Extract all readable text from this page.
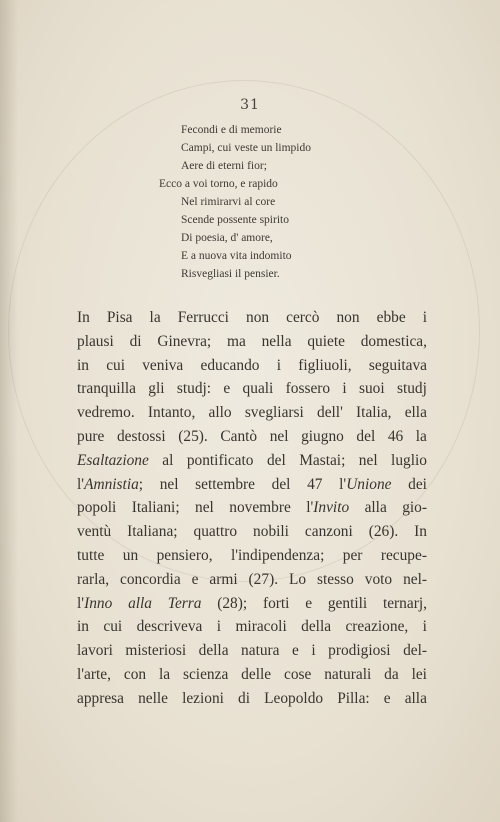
31
Fecondi e di memorie
Campi, cui veste un limpido
Aere di eterni fior;
Ecco a voi torno, e rapido
Nel rimirarvi al core
Scende possente spirito
Di poesia, d' amore,
E a nuova vita indomito
Risvegliasi il pensier.
In Pisa la Ferrucci non cercò non ebbe i
plausi di Ginevra; ma nella quiete domestica,
in cui veniva educando i figliuoli, seguitava
tranquilla gli studj: e quali fossero i suoi studj
vedremo. Intanto, allo svegliarsi dell' Italia, ella
pure destossi (25). Cantò nel giugno del 46 la
Esaltazione al pontificato del Mastai; nel luglio
l'Amnistia; nel settembre del 47 l'Unione dei
popoli Italiani; nel novembre l'Invito alla gio-
ventù Italiana; quattro nobili canzoni (26). In
tutte un pensiero, l'indipendenza; per recupe-
rarla, concordia e armi (27). Lo stesso voto nel-
l'Inno alla Terra (28); forti e gentili ternarj,
in cui descriveva i miracoli della creazione, i
lavori misteriosi della natura e i prodigiosi del-
l'arte, con la scienza delle cose naturali da lei
appresa nelle lezioni di Leopoldo Pilla: e alla
